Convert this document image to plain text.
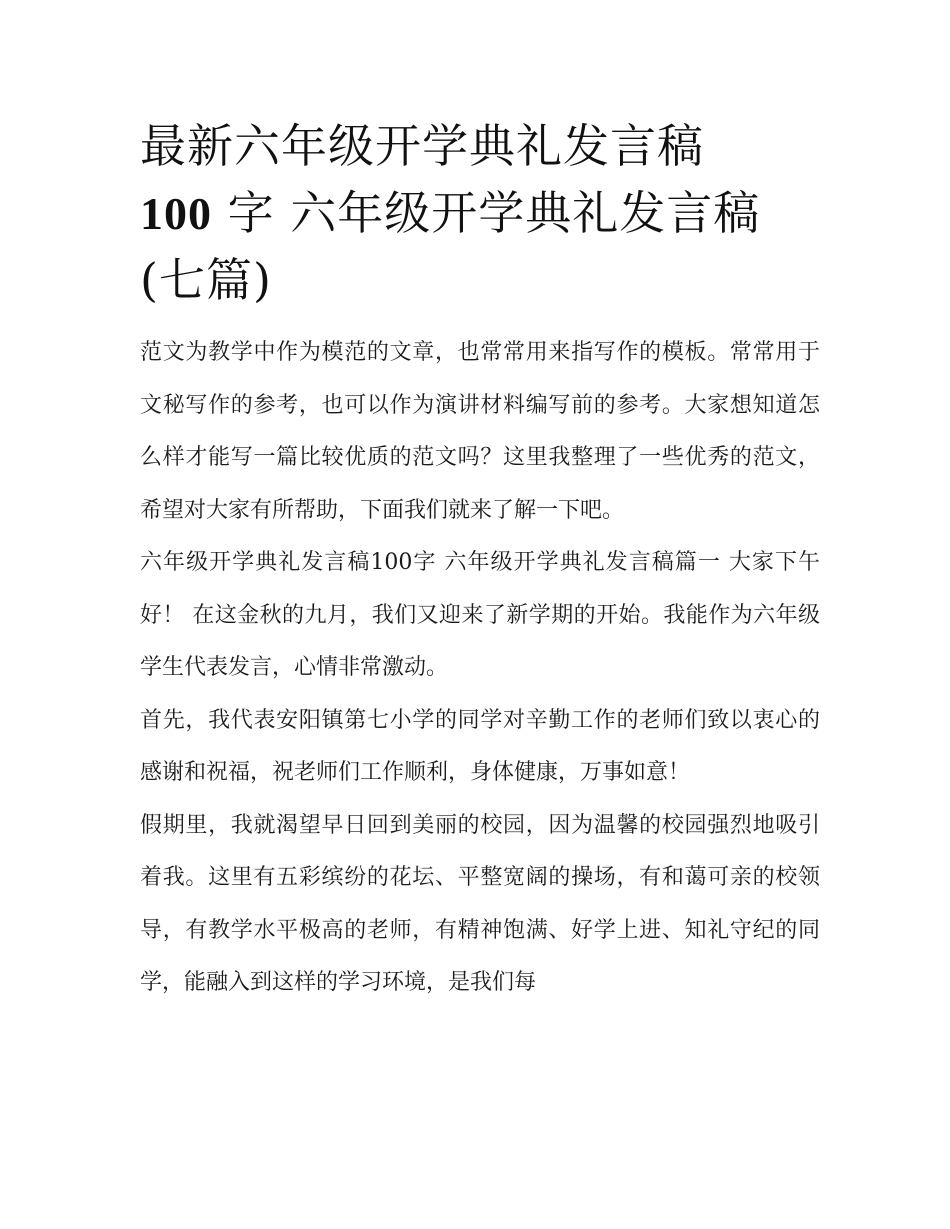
最新六年级开学典礼发言稿
100 字 六年级开学典礼发言稿
(七篇)

范文为教学中作为模范的文章，也常常用来指写作的模板。常常用于文秘写作的参考，也可以作为演讲材料编写前的参考。大家想知道怎么样才能写一篇比较优质的范文吗？这里我整理了一些优秀的范文，希望对大家有所帮助，下面我们就来了解一下吧。

六年级开学典礼发言稿100字 六年级开学典礼发言稿篇一 大家下午好！ 在这金秋的九月，我们又迎来了新学期的开始。我能作为六年级学生代表发言，心情非常激动。

首先，我代表安阳镇第七小学的同学对辛勤工作的老师们致以衷心的感谢和祝福，祝老师们工作顺利，身体健康，万事如意！

假期里，我就渴望早日回到美丽的校园，因为温馨的校园强烈地吸引着我。这里有五彩缤纷的花坛、平整宽阔的操场，有和蔼可亲的校领导，有教学水平极高的老师，有精神饱满、好学上进、知礼守纪的同学，能融入到这样的学习环境，是我们每
